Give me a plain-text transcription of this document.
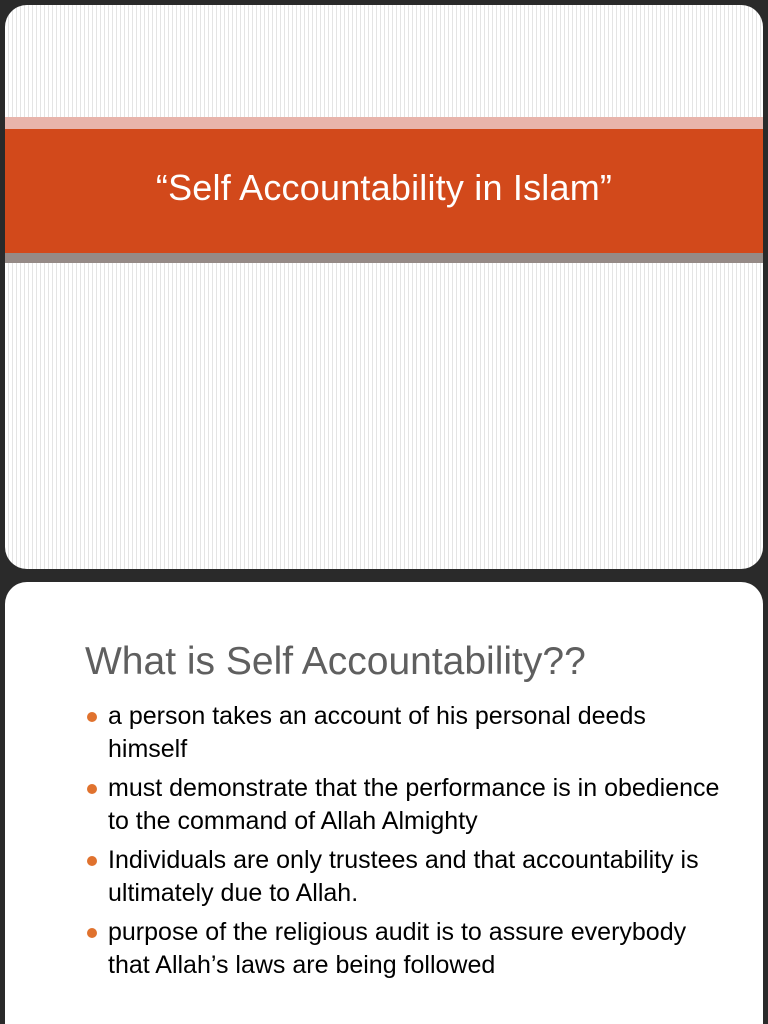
“Self Accountability in Islam”
What is Self Accountability??
a person takes an account of his personal deeds himself
must demonstrate that the performance is in obedience to the command of Allah Almighty
Individuals are only trustees and that accountability is ultimately due to Allah.
purpose of the religious audit is to assure everybody that Allah’s laws are being followed
